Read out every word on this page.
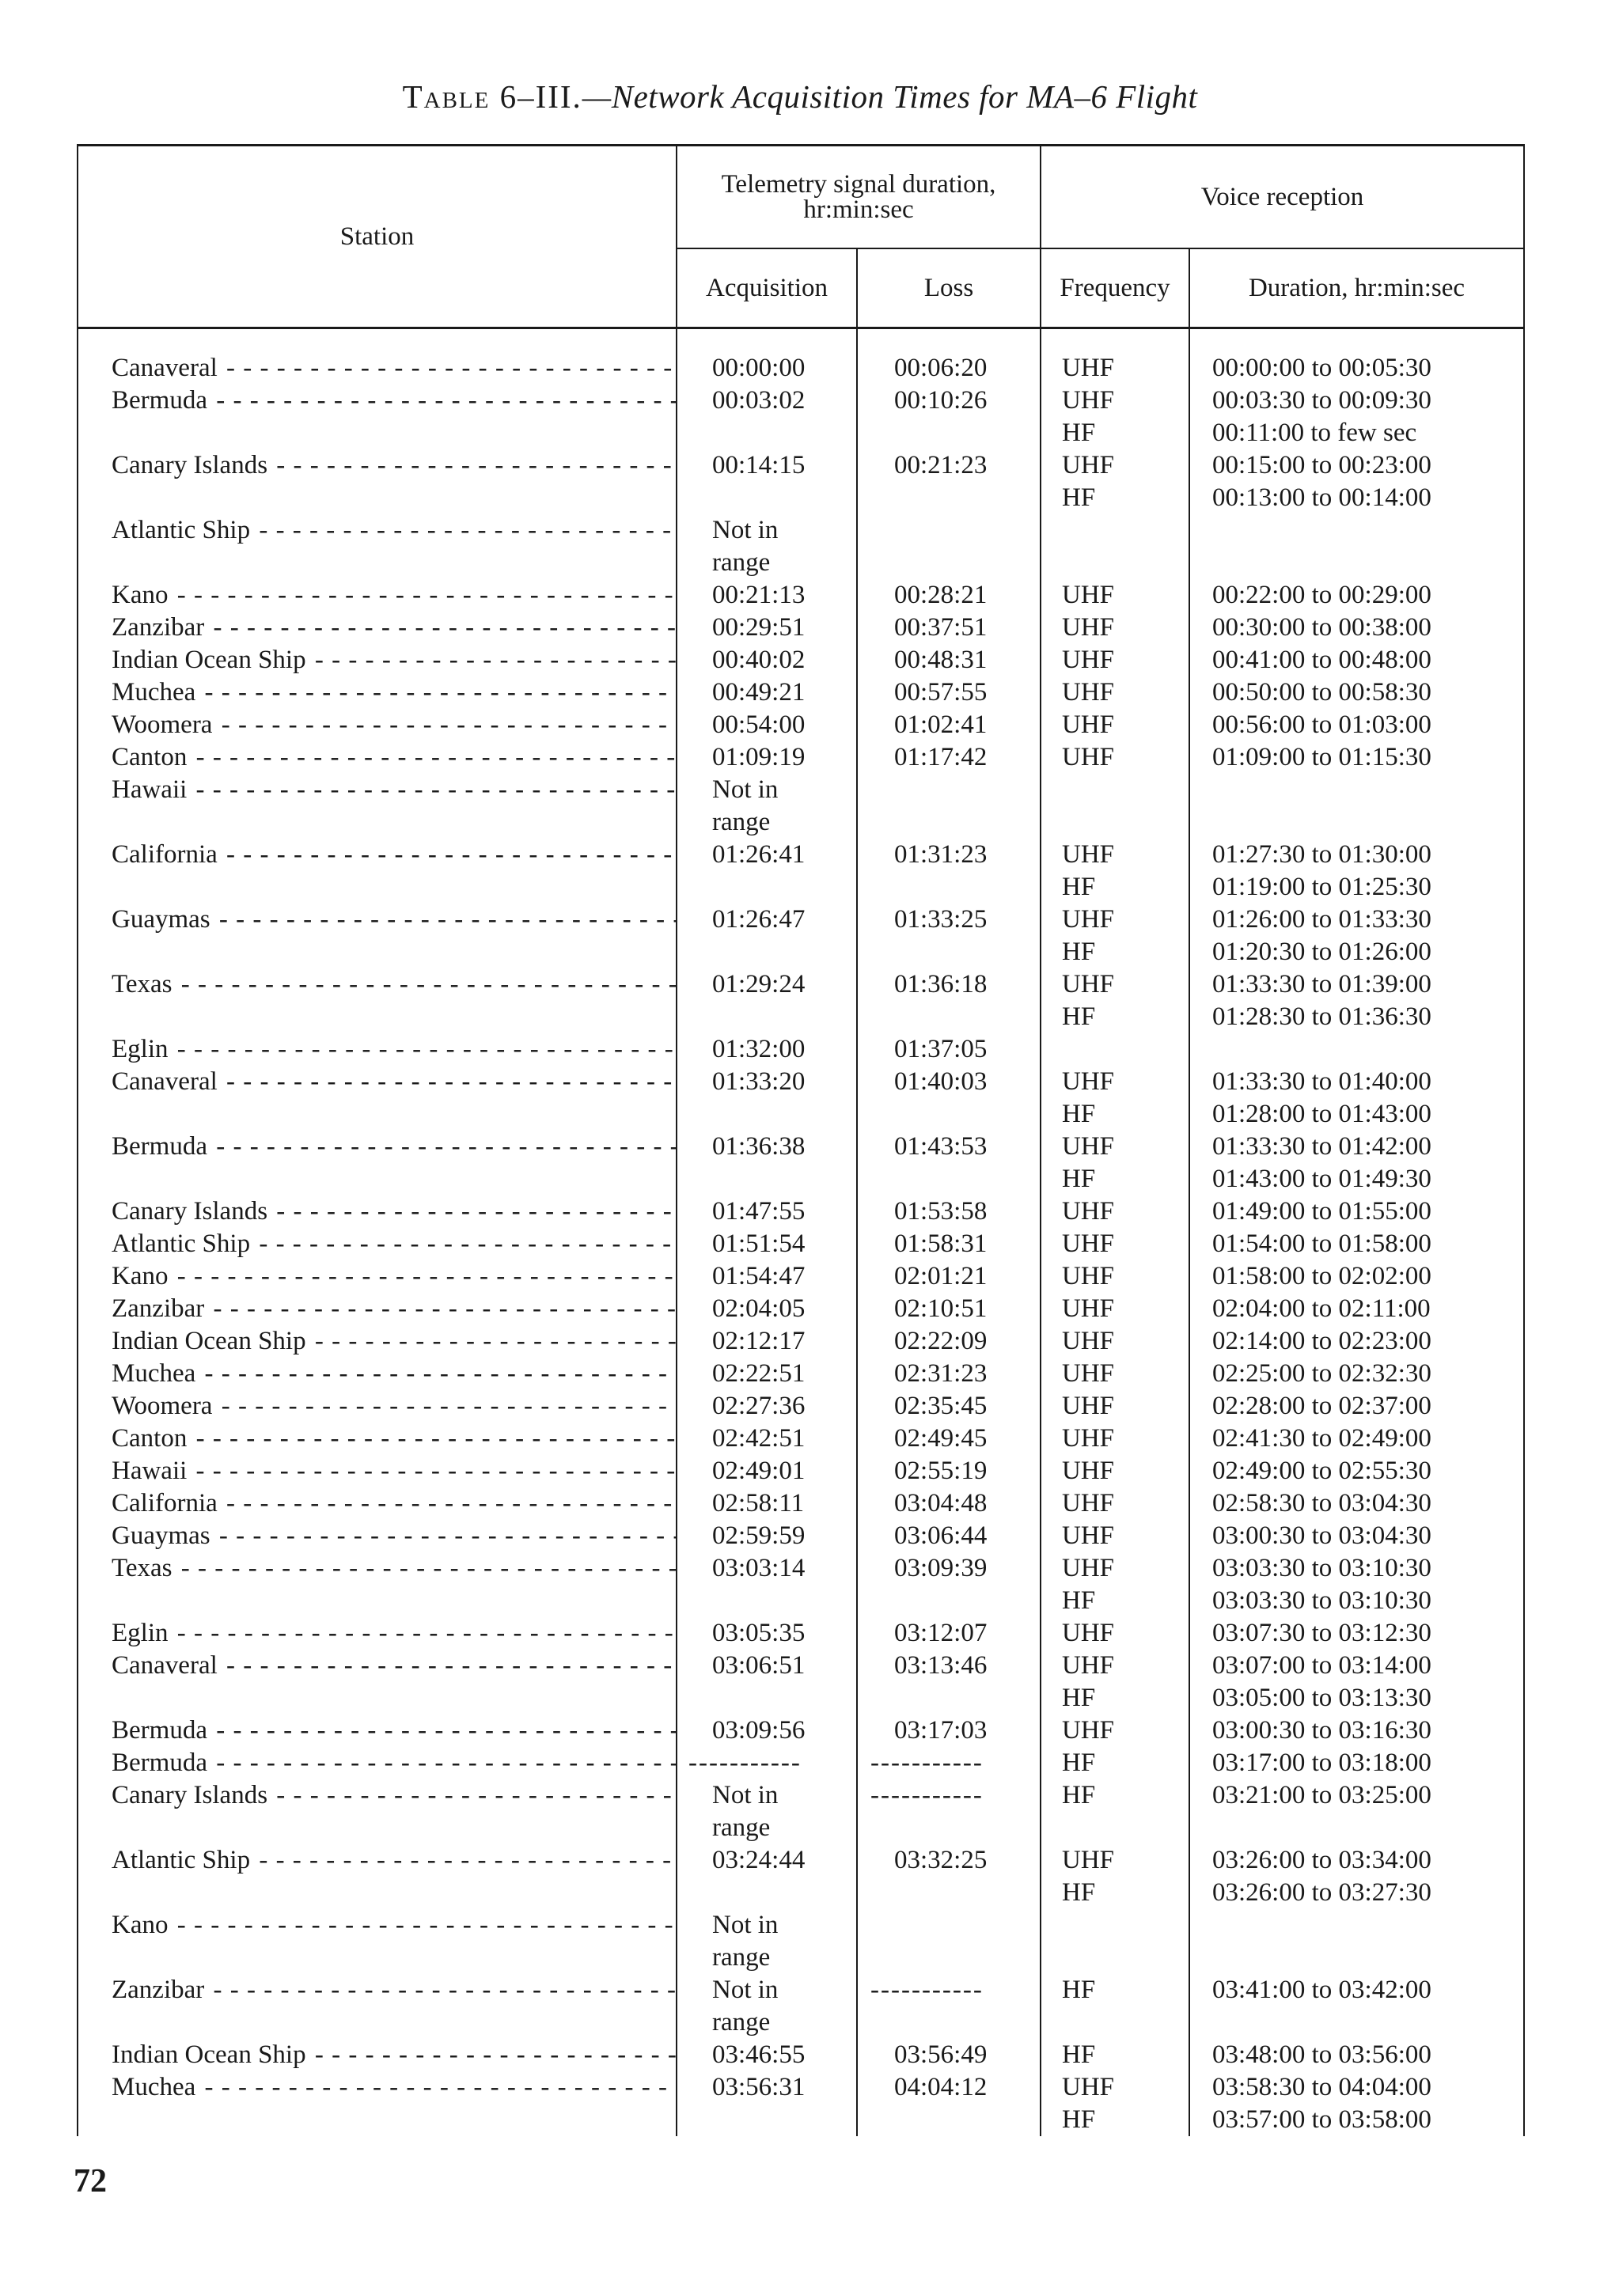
Table 6–III.—Network Acquisition Times for MA–6 Flight
Station	Telemetry signal duration, hr:min:sec		Voice reception	
	Acquisition	Loss	Frequency	Duration, hr:min:sec

Canaveral - - -	00:00:00	00:06:20	UHF	00:00:00 to 00:05:30

Bermuda - - -	00:03:02	00:10:26	UHF	00:03:30 to 00:09:30
			HF	00:11:00 to few sec

Canary Islands - - -	00:14:15	00:21:23	UHF	00:15:00 to 00:23:00
			HF	00:13:00 to 00:14:00

Atlantic Ship - - -	Not in			
	range			

Kano - - -	00:21:13	00:28:21	UHF	00:22:00 to 00:29:00

Zanzibar - - -	00:29:51	00:37:51	UHF	00:30:00 to 00:38:00

Indian Ocean Ship - - -	00:40:02	00:48:31	UHF	00:41:00 to 00:48:00

Muchea - - -	00:49:21	00:57:55	UHF	00:50:00 to 00:58:30

Woomera - - -	00:54:00	01:02:41	UHF	00:56:00 to 01:03:00

Canton - - -	01:09:19	01:17:42	UHF	01:09:00 to 01:15:30

Hawaii - - -	Not in			
	range			

California - - -	01:26:41	01:31:23	UHF	01:27:30 to 01:30:00
			HF	01:19:00 to 01:25:30

Guaymas - - -	01:26:47	01:33:25	UHF	01:26:00 to 01:33:30
			HF	01:20:30 to 01:26:00

Texas - - -	01:29:24	01:36:18	UHF	01:33:30 to 01:39:00
			HF	01:28:30 to 01:36:30

Eglin - - -	01:32:00	01:37:05		

Canaveral - - -	01:33:20	01:40:03	UHF	01:33:30 to 01:40:00
			HF	01:28:00 to 01:43:00

Bermuda - - -	01:36:38	01:43:53	UHF	01:33:30 to 01:42:00
			HF	01:43:00 to 01:49:30

Canary Islands - - -	01:47:55	01:53:58	UHF	01:49:00 to 01:55:00

Atlantic Ship - - -	01:51:54	01:58:31	UHF	01:54:00 to 01:58:00

Kano - - -	01:54:47	02:01:21	UHF	01:58:00 to 02:02:00

Zanzibar - - -	02:04:05	02:10:51	UHF	02:04:00 to 02:11:00

Indian Ocean Ship - - -	02:12:17	02:22:09	UHF	02:14:00 to 02:23:00

Muchea - - -	02:22:51	02:31:23	UHF	02:25:00 to 02:32:30

Woomera - - -	02:27:36	02:35:45	UHF	02:28:00 to 02:37:00

Canton - - -	02:42:51	02:49:45	UHF	02:41:30 to 02:49:00

Hawaii - - -	02:49:01	02:55:19	UHF	02:49:00 to 02:55:30

California - - -	02:58:11	03:04:48	UHF	02:58:30 to 03:04:30

Guaymas - - -	02:59:59	03:06:44	UHF	03:00:30 to 03:04:30

Texas - - -	03:03:14	03:09:39	UHF	03:03:30 to 03:10:30
			HF	03:03:30 to 03:10:30

Eglin - - -	03:05:35	03:12:07	UHF	03:07:30 to 03:12:30

Canaveral - - -	03:06:51	03:13:46	UHF	03:07:00 to 03:14:00
			HF	03:05:00 to 03:13:30

Bermuda - - -	03:09:56	03:17:03	UHF	03:00:30 to 03:16:30

Bermuda - - -	-----------	-----------	HF	03:17:00 to 03:18:00

Canary Islands - - -	Not in	-----------	HF	03:21:00 to 03:25:00
	range			

Atlantic Ship - - -	03:24:44	03:32:25	UHF	03:26:00 to 03:34:00
			HF	03:26:00 to 03:27:30

Kano - - -	Not in			
	range			

Zanzibar - - -	Not in	-----------	HF	03:41:00 to 03:42:00
	range			

Indian Ocean Ship - - -	03:46:55	03:56:49	HF	03:48:00 to 03:56:00

Muchea - - -	03:56:31	04:04:12	UHF	03:58:30 to 04:04:00
			HF	03:57:00 to 03:58:00
72
